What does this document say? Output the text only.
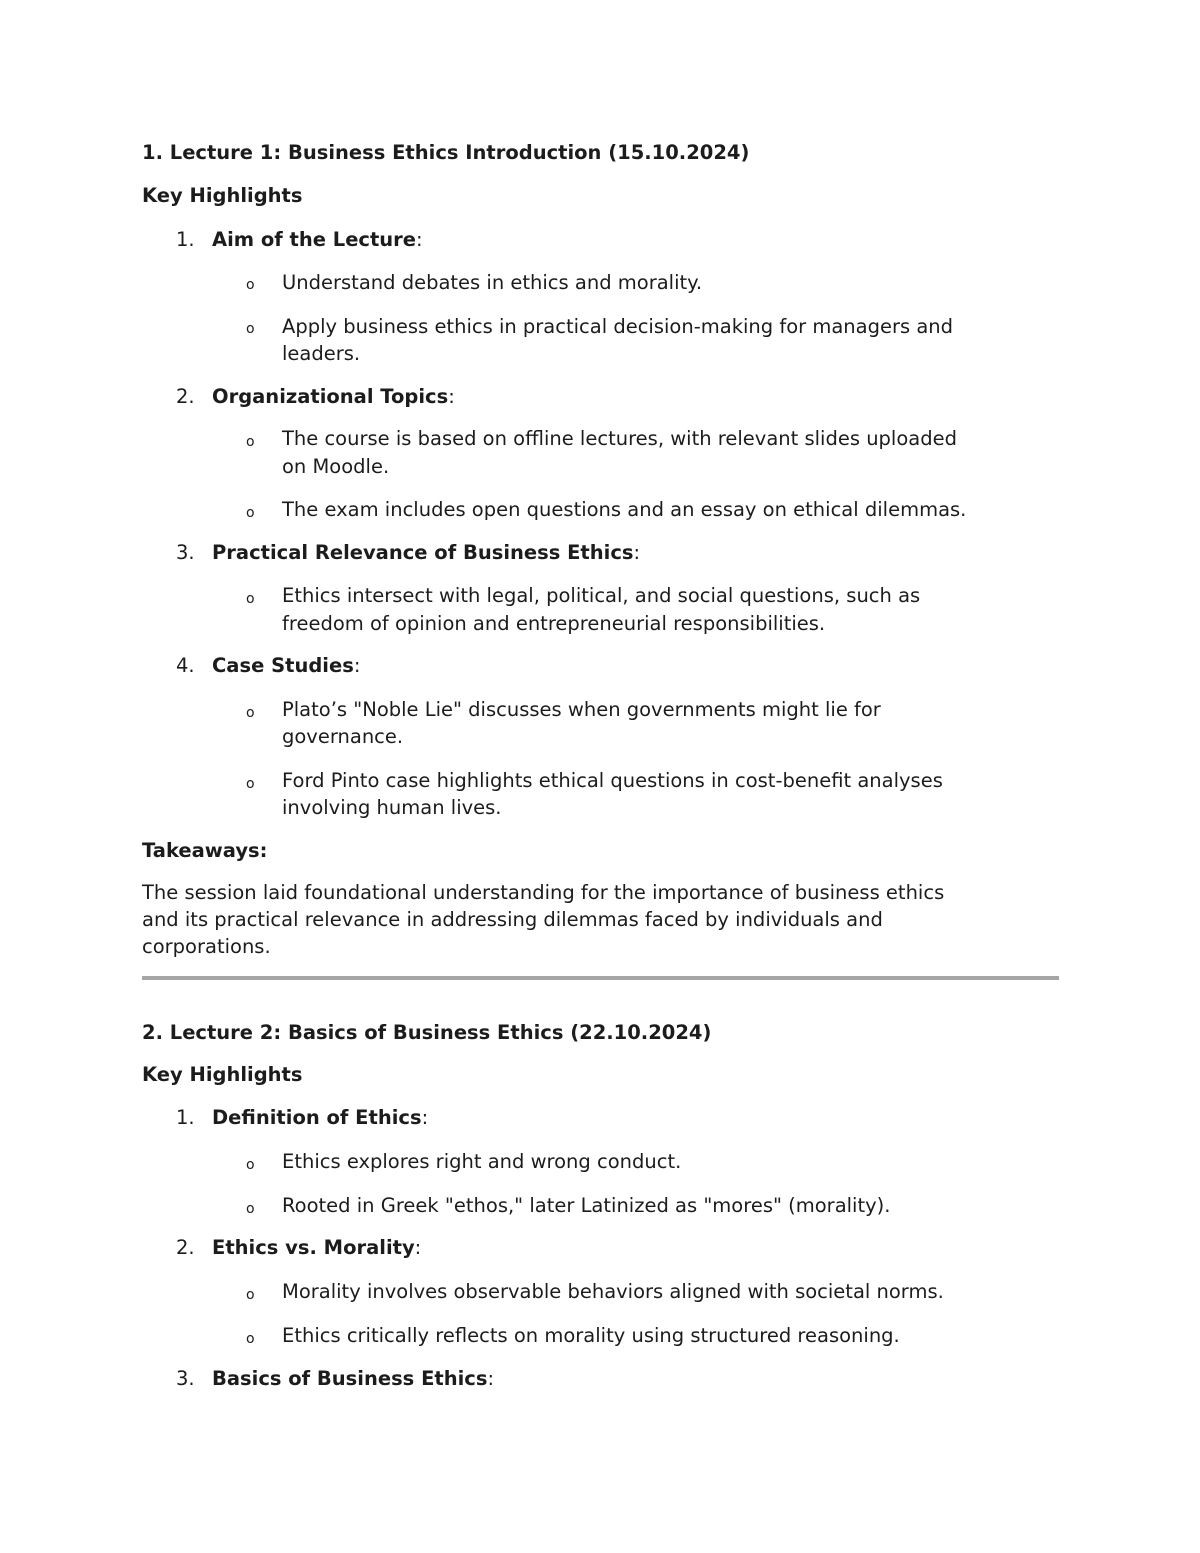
1. Lecture 1: Business Ethics Introduction (15.10.2024)
Key Highlights
1. Aim of the Lecture:
o Understand debates in ethics and morality.
o Apply business ethics in practical decision-making for managers and
leaders.
2. Organizational Topics:
o The course is based on offline lectures, with relevant slides uploaded
on Moodle.
o The exam includes open questions and an essay on ethical dilemmas.
3. Practical Relevance of Business Ethics:
o Ethics intersect with legal, political, and social questions, such as
freedom of opinion and entrepreneurial responsibilities.
4. Case Studies:
o Plato’s "Noble Lie" discusses when governments might lie for
governance.
o Ford Pinto case highlights ethical questions in cost-benefit analyses
involving human lives.
Takeaways:
The session laid foundational understanding for the importance of business ethics
and its practical relevance in addressing dilemmas faced by individuals and
corporations.
2. Lecture 2: Basics of Business Ethics (22.10.2024)
Key Highlights
1. Definition of Ethics:
o Ethics explores right and wrong conduct.
o Rooted in Greek "ethos," later Latinized as "mores" (morality).
2. Ethics vs. Morality:
o Morality involves observable behaviors aligned with societal norms.
o Ethics critically reflects on morality using structured reasoning.
3. Basics of Business Ethics:
